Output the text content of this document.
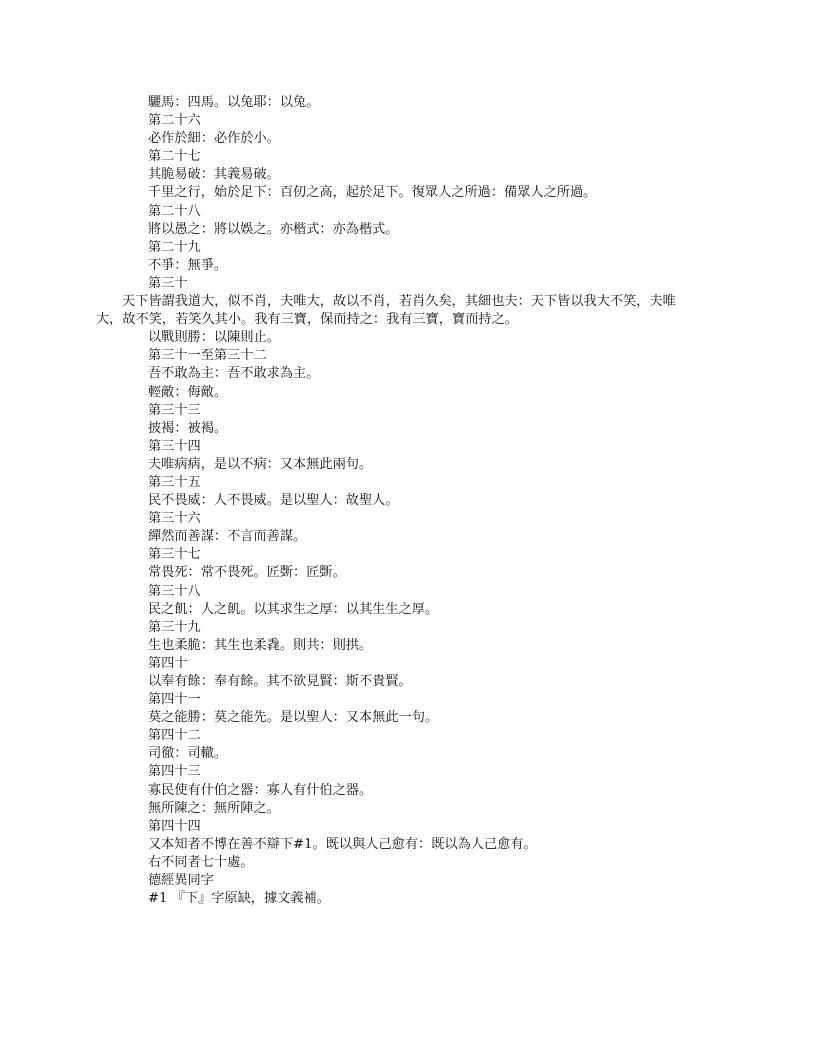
驪馬：四馬。以兔耶：以兔。
第二十六
必作於細：必作於小。
第二十七
其脆易破：其義易破。
千里之行，始於足下：百仞之高，起於足下。復眾人之所過：備眾人之所過。
第二十八
將以愚之：將以娛之。亦楷式：亦為楷式。
第二十九
不爭：無爭。
第三十
天下皆謂我道大，似不肖，夫唯大，故以不肖，若肖久矣，其細也夫：天下皆以我大不笑，夫唯大，故不笑，若笑久其小。我有三寶，保而持之：我有三寶，寶而持之。
以戰則勝：以陳則止。
第三十一至第三十二
吾不敢為主：吾不敢求為主。
輕敵：侮敵。
第三十三
披褐：被褐。
第三十四
夫唯病病，是以不病：又本無此兩句。
第三十五
民不畏威：人不畏威。是以聖人：故聖人。
第三十六
繟然而善謀：不言而善謀。
第三十七
常畏死：常不畏死。匠斲：匠斲。
第三十八
民之飢：人之飢。以其求生之厚：以其生生之厚。
第三十九
生也柔脆：其生也柔毳。則共：則拱。
第四十
以奉有餘：奉有餘。其不欲見賢：斯不貴賢。
第四十一
莫之能勝：莫之能先。是以聖人：又本無此一句。
第四十二
司徹：司轍。
第四十三
寡民使有什伯之器：寡人有什伯之器。
無所陳之：無所陣之。
第四十四
又本知者不博在善不辯下#1。既以與人己愈有：既以為人己愈有。
右不同者七十處。
德經異同字
#1 『下』字原缺，據文義補。
